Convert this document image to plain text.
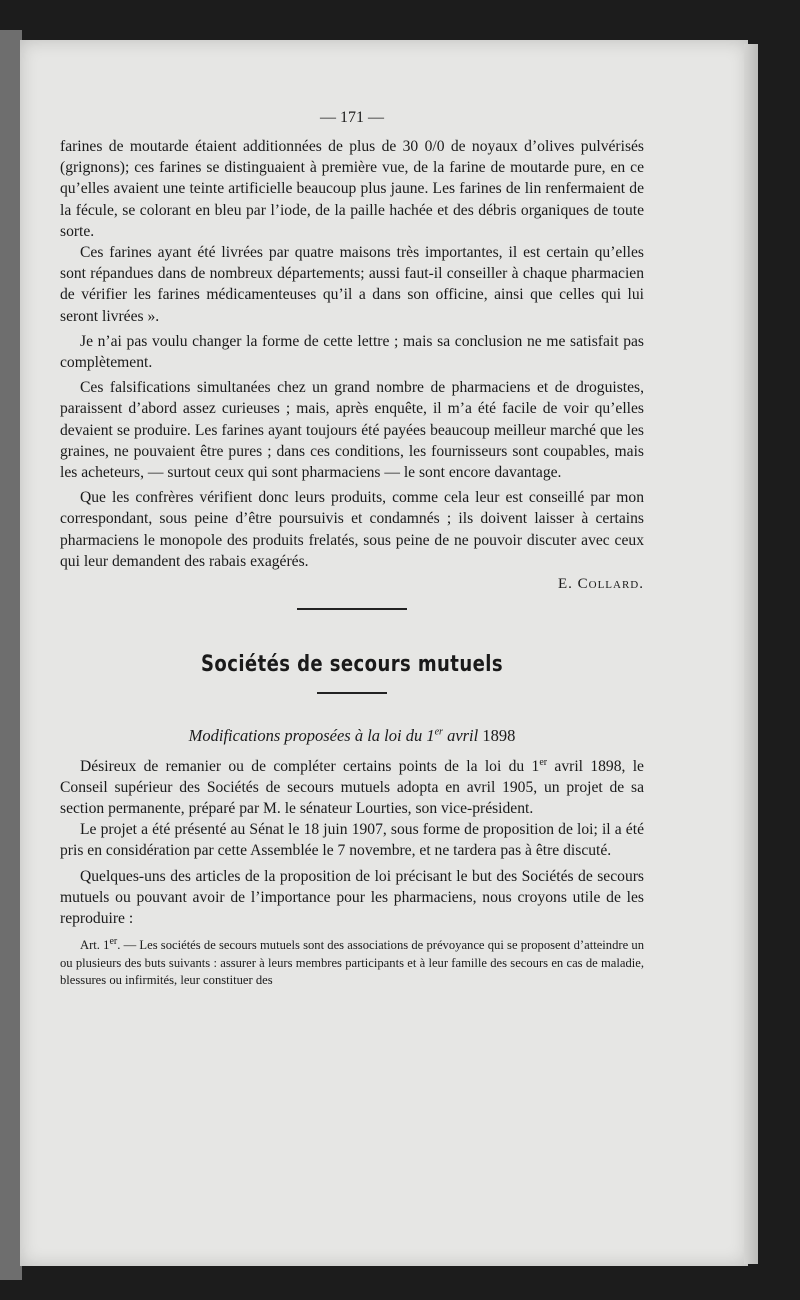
— 171 —

farines de moutarde étaient additionnées de plus de 30 0/0 de noyaux d’olives pulvérisés (grignons); ces farines se distinguaient à première vue, de la farine de moutarde pure, en ce qu’elles avaient une teinte artificielle beaucoup plus jaune. Les farines de lin renfermaient de la fécule, se colorant en bleu par l’iode, de la paille hachée et des débris organiques de toute sorte.

Ces farines ayant été livrées par quatre maisons très importantes, il est certain qu’elles sont répandues dans de nombreux départements; aussi faut-il conseiller à chaque pharmacien de vérifier les farines médicamenteuses qu’il a dans son officine, ainsi que celles qui lui seront livrées ».

Je n’ai pas voulu changer la forme de cette lettre ; mais sa conclusion ne me satisfait pas complètement.

Ces falsifications simultanées chez un grand nombre de pharmaciens et de droguistes, paraissent d’abord assez curieuses ; mais, après enquête, il m’a été facile de voir qu’elles devaient se produire. Les farines ayant toujours été payées beaucoup meilleur marché que les graines, ne pouvaient être pures ; dans ces conditions, les fournisseurs sont coupables, mais les acheteurs, — surtout ceux qui sont pharmaciens — le sont encore davantage.

Que les confrères vérifient donc leurs produits, comme cela leur est conseillé par mon correspondant, sous peine d’être poursuivis et condamnés ; ils doivent laisser à certains pharmaciens le monopole des produits frelatés, sous peine de ne pouvoir discuter avec ceux qui leur demandent des rabais exagérés.

E. Collard.
Sociétés de secours mutuels
Modifications proposées à la loi du 1er avril 1898

Désireux de remanier ou de compléter certains points de la loi du 1er avril 1898, le Conseil supérieur des Sociétés de secours mutuels adopta en avril 1905, un projet de sa section permanente, préparé par M. le sénateur Lourties, son vice-président.

Le projet a été présenté au Sénat le 18 juin 1907, sous forme de proposition de loi; il a été pris en considération par cette Assemblée le 7 novembre, et ne tardera pas à être discuté.

Quelques-uns des articles de la proposition de loi précisant le but des Sociétés de secours mutuels ou pouvant avoir de l’importance pour les pharmaciens, nous croyons utile de les reproduire :

Art. 1er. — Les sociétés de secours mutuels sont des associations de prévoyance qui se proposent d’atteindre un ou plusieurs des buts suivants : assurer à leurs membres participants et à leur famille des secours en cas de maladie, blessures ou infirmités, leur constituer des
